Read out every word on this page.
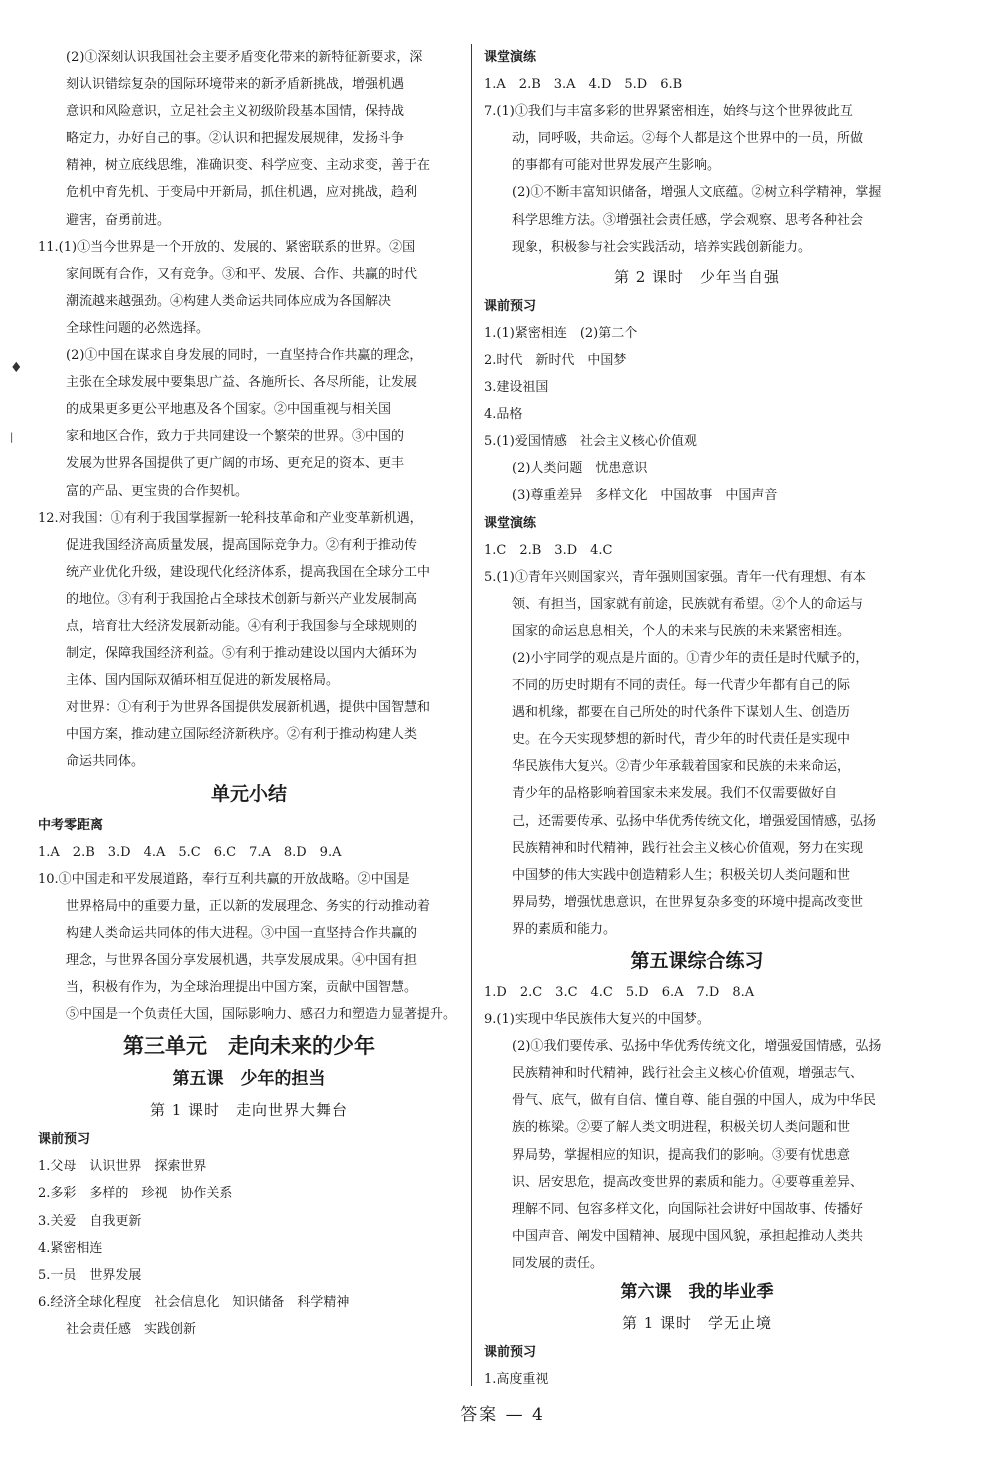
♦
|
(2)①深刻认识我国社会主要矛盾变化带来的新特征新要求，深
刻认识错综复杂的国际环境带来的新矛盾新挑战，增强机遇
意识和风险意识，立足社会主义初级阶段基本国情，保持战
略定力，办好自己的事。②认识和把握发展规律，发扬斗争
精神，树立底线思维，准确识变、科学应变、主动求变，善于在
危机中育先机、于变局中开新局，抓住机遇，应对挑战，趋利
避害，奋勇前进。
11.(1)①当今世界是一个开放的、发展的、紧密联系的世界。②国
家间既有合作，又有竞争。③和平、发展、合作、共赢的时代
潮流越来越强劲。④构建人类命运共同体应成为各国解决
全球性问题的必然选择。
(2)①中国在谋求自身发展的同时，一直坚持合作共赢的理念，
主张在全球发展中要集思广益、各施所长、各尽所能，让发展
的成果更多更公平地惠及各个国家。②中国重视与相关国
家和地区合作，致力于共同建设一个繁荣的世界。③中国的
发展为世界各国提供了更广阔的市场、更充足的资本、更丰
富的产品、更宝贵的合作契机。
12.对我国：①有利于我国掌握新一轮科技革命和产业变革新机遇，
促进我国经济高质量发展，提高国际竞争力。②有利于推动传
统产业优化升级，建设现代化经济体系，提高我国在全球分工中
的地位。③有利于我国抢占全球技术创新与新兴产业发展制高
点，培育壮大经济发展新动能。④有利于我国参与全球规则的
制定，保障我国经济利益。⑤有利于推动建设以国内大循环为
主体、国内国际双循环相互促进的新发展格局。
对世界：①有利于为世界各国提供发展新机遇，提供中国智慧和
中国方案，推动建立国际经济新秩序。②有利于推动构建人类
命运共同体。
单元小结
中考零距离
1.A　2.B　3.D　4.A　5.C　6.C　7.A　8.D　9.A
10.①中国走和平发展道路，奉行互利共赢的开放战略。②中国是
世界格局中的重要力量，正以新的发展理念、务实的行动推动着
构建人类命运共同体的伟大进程。③中国一直坚持合作共赢的
理念，与世界各国分享发展机遇，共享发展成果。④中国有担
当，积极有作为，为全球治理提出中国方案，贡献中国智慧。
⑤中国是一个负责任大国，国际影响力、感召力和塑造力显著提升。
第三单元　走向未来的少年
第五课　少年的担当
第 1 课时　走向世界大舞台
课前预习
1.父母　认识世界　探索世界
2.多彩　多样的　珍视　协作关系
3.关爱　自我更新
4.紧密相连
5.一员　世界发展
6.经济全球化程度　社会信息化　知识储备　科学精神
社会责任感　实践创新
课堂演练
1.A　2.B　3.A　4.D　5.D　6.B
7.(1)①我们与丰富多彩的世界紧密相连，始终与这个世界彼此互
动，同呼吸，共命运。②每个人都是这个世界中的一员，所做
的事都有可能对世界发展产生影响。
(2)①不断丰富知识储备，增强人文底蕴。②树立科学精神，掌握
科学思维方法。③增强社会责任感，学会观察、思考各种社会
现象，积极参与社会实践活动，培养实践创新能力。
第 2 课时　少年当自强
课前预习
1.(1)紧密相连　(2)第二个
2.时代　新时代　中国梦
3.建设祖国
4.品格
5.(1)爱国情感　社会主义核心价值观
(2)人类问题　忧患意识
(3)尊重差异　多样文化　中国故事　中国声音
课堂演练
1.C　2.B　3.D　4.C
5.(1)①青年兴则国家兴，青年强则国家强。青年一代有理想、有本
领、有担当，国家就有前途，民族就有希望。②个人的命运与
国家的命运息息相关，个人的未来与民族的未来紧密相连。
(2)小宇同学的观点是片面的。①青少年的责任是时代赋予的，
不同的历史时期有不同的责任。每一代青少年都有自己的际
遇和机缘，都要在自己所处的时代条件下谋划人生、创造历
史。在今天实现梦想的新时代，青少年的时代责任是实现中
华民族伟大复兴。②青少年承载着国家和民族的未来命运，
青少年的品格影响着国家未来发展。我们不仅需要做好自
己，还需要传承、弘扬中华优秀传统文化，增强爱国情感，弘扬
民族精神和时代精神，践行社会主义核心价值观，努力在实现
中国梦的伟大实践中创造精彩人生；积极关切人类问题和世
界局势，增强忧患意识，在世界复杂多变的环境中提高改变世
界的素质和能力。
第五课综合练习
1.D　2.C　3.C　4.C　5.D　6.A　7.D　8.A
9.(1)实现中华民族伟大复兴的中国梦。
(2)①我们要传承、弘扬中华优秀传统文化，增强爱国情感，弘扬
民族精神和时代精神，践行社会主义核心价值观，增强志气、
骨气、底气，做有自信、懂自尊、能自强的中国人，成为中华民
族的栋梁。②要了解人类文明进程，积极关切人类问题和世
界局势，掌握相应的知识，提高我们的影响。③要有忧患意
识、居安思危，提高改变世界的素质和能力。④要尊重差异、
理解不同、包容多样文化，向国际社会讲好中国故事、传播好
中国声音、阐发中国精神、展现中国风貌，承担起推动人类共
同发展的责任。
第六课　我的毕业季
第 1 课时　学无止境
课前预习
1.高度重视
答案 — 4
